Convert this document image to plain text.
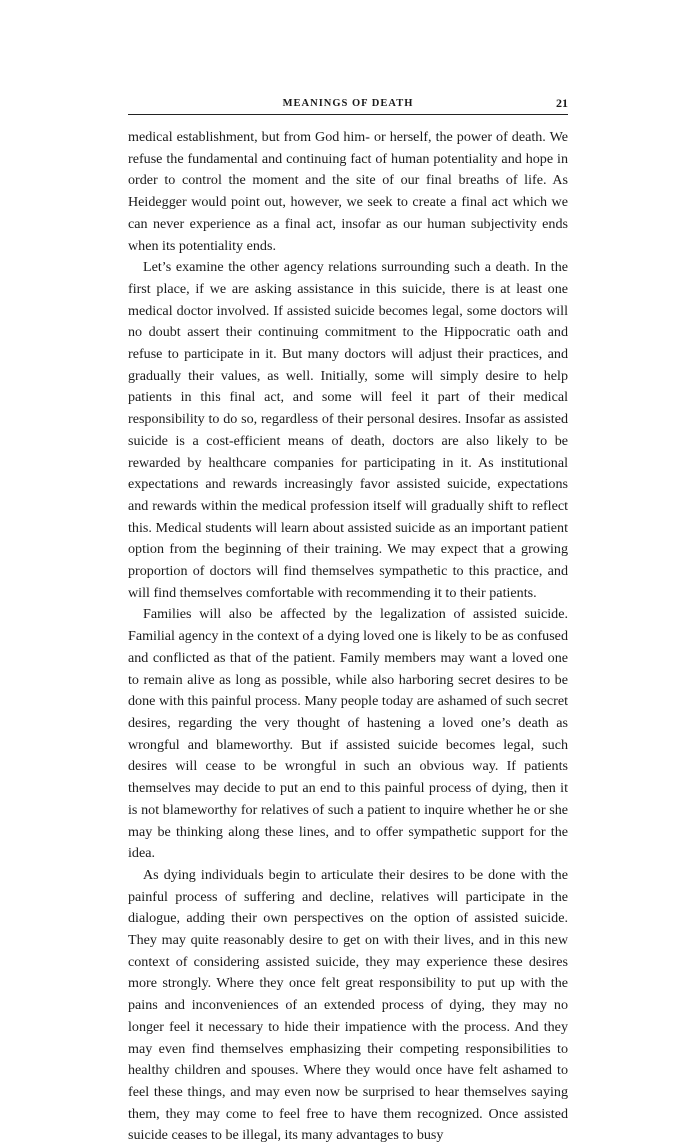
MEANINGS OF DEATH	21

medical establishment, but from God him- or herself, the power of death. We refuse the fundamental and continuing fact of human potentiality and hope in order to control the moment and the site of our final breaths of life. As Heidegger would point out, however, we seek to create a final act which we can never experience as a final act, insofar as our human subjectivity ends when its potentiality ends.

Let’s examine the other agency relations surrounding such a death. In the first place, if we are asking assistance in this suicide, there is at least one medical doctor involved. If assisted suicide becomes legal, some doctors will no doubt assert their continuing commitment to the Hippocratic oath and refuse to participate in it. But many doctors will adjust their practices, and gradually their values, as well. Initially, some will simply desire to help patients in this final act, and some will feel it part of their medical responsibility to do so, regardless of their personal desires. Insofar as assisted suicide is a cost-efficient means of death, doctors are also likely to be rewarded by healthcare companies for participating in it. As institutional expectations and rewards increasingly favor assisted suicide, expectations and rewards within the medical profession itself will gradually shift to reflect this. Medical students will learn about assisted suicide as an important patient option from the beginning of their training. We may expect that a growing proportion of doctors will find themselves sympathetic to this practice, and will find themselves comfortable with recommending it to their patients.

Families will also be affected by the legalization of assisted suicide. Familial agency in the context of a dying loved one is likely to be as confused and conflicted as that of the patient. Family members may want a loved one to remain alive as long as possible, while also harboring secret desires to be done with this painful process. Many people today are ashamed of such secret desires, regarding the very thought of hastening a loved one’s death as wrongful and blameworthy. But if assisted suicide becomes legal, such desires will cease to be wrongful in such an obvious way. If patients themselves may decide to put an end to this painful process of dying, then it is not blameworthy for relatives of such a patient to inquire whether he or she may be thinking along these lines, and to offer sympathetic support for the idea.

As dying individuals begin to articulate their desires to be done with the painful process of suffering and decline, relatives will participate in the dialogue, adding their own perspectives on the option of assisted suicide. They may quite reasonably desire to get on with their lives, and in this new context of considering assisted suicide, they may experience these desires more strongly. Where they once felt great responsibility to put up with the pains and inconveniences of an extended process of dying, they may no longer feel it necessary to hide their impatience with the process. And they may even find themselves emphasizing their competing responsibilities to healthy children and spouses. Where they would once have felt ashamed to feel these things, and may even now be surprised to hear themselves saying them, they may come to feel free to have them recognized. Once assisted suicide ceases to be illegal, its many advantages to busy
